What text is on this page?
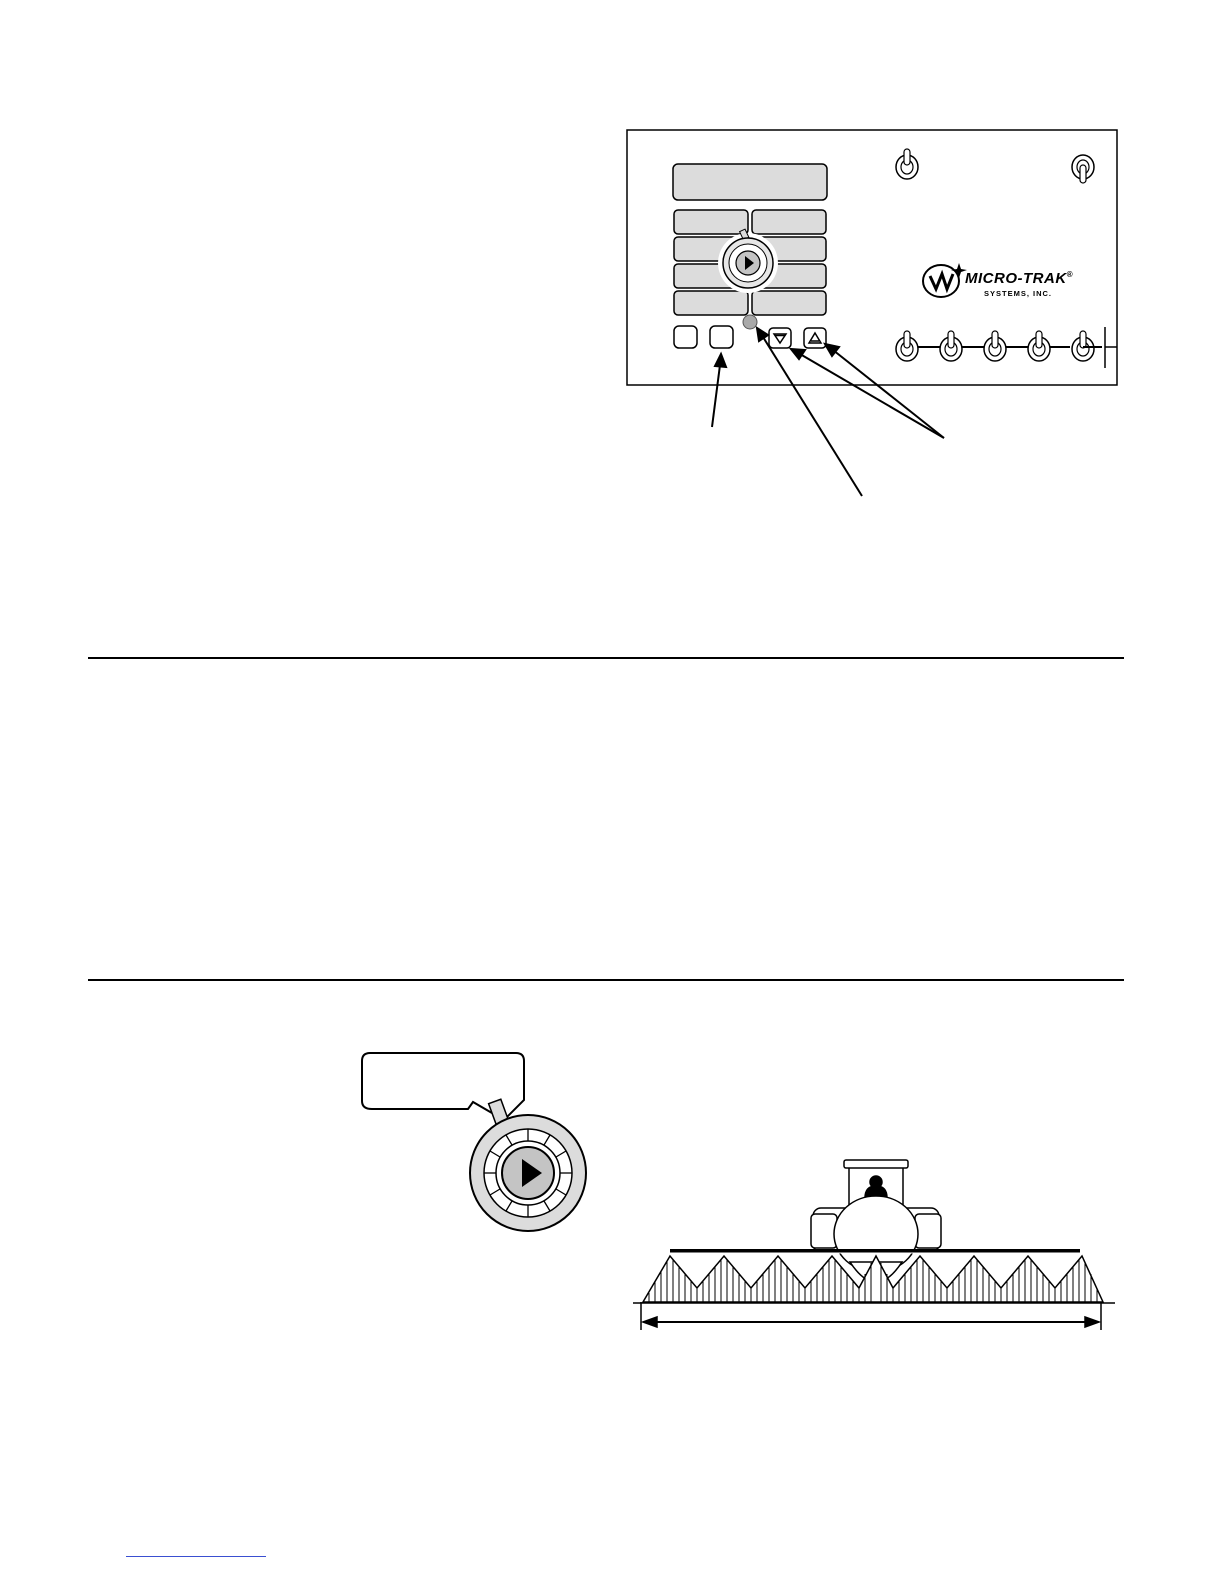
MICRO-TRAK®
SYSTEMS, INC.
